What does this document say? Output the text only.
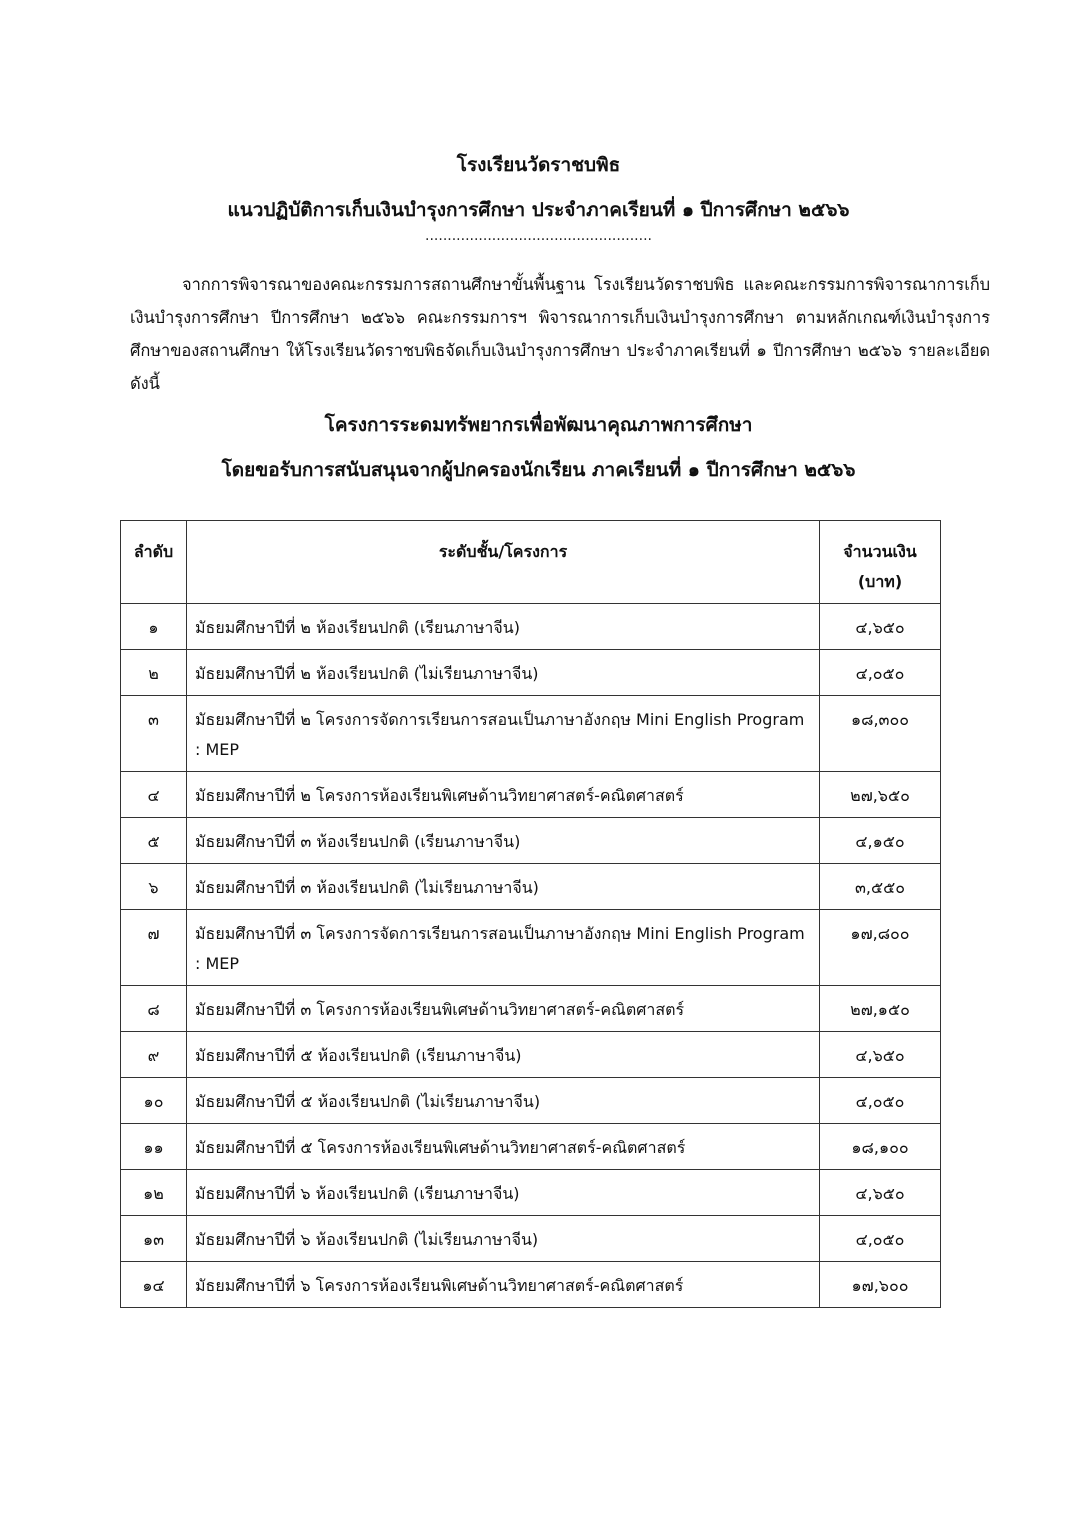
โรงเรียนวัดราชบพิธ
แนวปฏิบัติการเก็บเงินบำรุงการศึกษา ประจำภาคเรียนที่ ๑ ปีการศึกษา ๒๕๖๖
...................................................
จากการพิจารณาของคณะกรรมการสถานศึกษาขั้นพื้นฐาน โรงเรียนวัดราชบพิธ และคณะกรรมการพิจารณาการเก็บเงินบำรุงการศึกษา ปีการศึกษา ๒๕๖๖ คณะกรรมการฯ พิจารณาการเก็บเงินบำรุงการศึกษา ตามหลักเกณฑ์เงินบำรุงการศึกษาของสถานศึกษา ให้โรงเรียนวัดราชบพิธจัดเก็บเงินบำรุงการศึกษา ประจำภาคเรียนที่ ๑ ปีการศึกษา ๒๕๖๖ รายละเอียดดังนี้
โครงการระดมทรัพยากรเพื่อพัฒนาคุณภาพการศึกษา
โดยขอรับการสนับสนุนจากผู้ปกครองนักเรียน ภาคเรียนที่ ๑ ปีการศึกษา ๒๕๖๖
ลำดับ	ระดับชั้น/โครงการ	จำนวนเงิน
(บาท)
๑	มัธยมศึกษาปีที่ ๒ ห้องเรียนปกติ (เรียนภาษาจีน)	๔,๖๕๐
๒	มัธยมศึกษาปีที่ ๒ ห้องเรียนปกติ (ไม่เรียนภาษาจีน)	๔,๐๕๐
๓	มัธยมศึกษาปีที่ ๒ โครงการจัดการเรียนการสอนเป็นภาษาอังกฤษ Mini English Program : MEP	๑๘,๓๐๐
๔	มัธยมศึกษาปีที่ ๒ โครงการห้องเรียนพิเศษด้านวิทยาศาสตร์-คณิตศาสตร์	๒๗,๖๕๐
๕	มัธยมศึกษาปีที่ ๓ ห้องเรียนปกติ (เรียนภาษาจีน)	๔,๑๕๐
๖	มัธยมศึกษาปีที่ ๓ ห้องเรียนปกติ (ไม่เรียนภาษาจีน)	๓,๕๕๐
๗	มัธยมศึกษาปีที่ ๓ โครงการจัดการเรียนการสอนเป็นภาษาอังกฤษ Mini English Program : MEP	๑๗,๘๐๐
๘	มัธยมศึกษาปีที่ ๓ โครงการห้องเรียนพิเศษด้านวิทยาศาสตร์-คณิตศาสตร์	๒๗,๑๕๐
๙	มัธยมศึกษาปีที่ ๕ ห้องเรียนปกติ (เรียนภาษาจีน)	๔,๖๕๐
๑๐	มัธยมศึกษาปีที่ ๕ ห้องเรียนปกติ (ไม่เรียนภาษาจีน)	๔,๐๕๐
๑๑	มัธยมศึกษาปีที่ ๕ โครงการห้องเรียนพิเศษด้านวิทยาศาสตร์-คณิตศาสตร์	๑๘,๑๐๐
๑๒	มัธยมศึกษาปีที่ ๖ ห้องเรียนปกติ (เรียนภาษาจีน)	๔,๖๕๐
๑๓	มัธยมศึกษาปีที่ ๖ ห้องเรียนปกติ (ไม่เรียนภาษาจีน)	๔,๐๕๐
๑๔	มัธยมศึกษาปีที่ ๖ โครงการห้องเรียนพิเศษด้านวิทยาศาสตร์-คณิตศาสตร์	๑๗,๖๐๐
